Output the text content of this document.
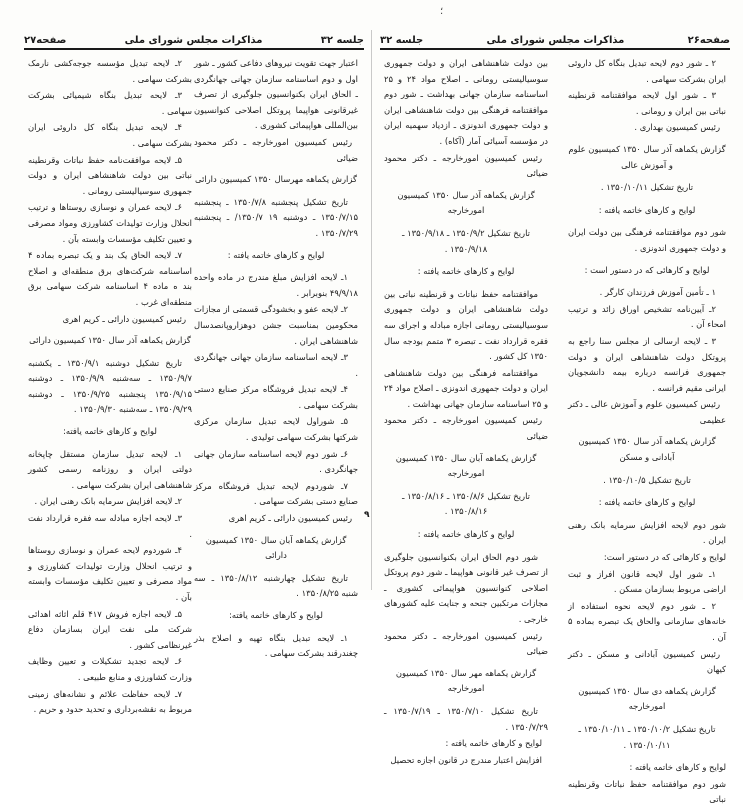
؛
جلسه ۳۲
مذاکرات مجلس شورای ملی
صفحه۲۷

اعتبار جهت تقویت نیروهای دفاعی کشور ـ شور اول و دوم اساسنامه سازمان جهانی جهانگردی ـ الحاق ایران بکنوانسیون جلوگیری از تصرف غیرقانونی هواپیما پروتکل اصلاحی کنوانسیون بین‌المللی هواپیمائی کشوری .

رئیس کمیسیون امورخارجه ـ دکتر محمود ضیائی

گزارش یکماهه مهرسال ۱۳۵۰ کمیسیون دارائی

تاریخ تشکیل پنجشنبه ۱۳۵۰/۷/۸ ـ پنجشنبه ۱۳۵۰/۷/۱۵ ـ دوشنبه ۱۹ ۱۳۵۰/۷/ ـ پنجشنبه ۱۳۵۰/۷/۲۹ .

لوایح و کارهای خاتمه یافته :

۱ـ لایحه افزایش مبلغ مندرج در ماده واحده ۴۹/۹/۱۸ بنوبرابر .

۲ـ لایحه عفو و بخشودگی قسمتی از مجازات محکومین بمناسبت جشن دوهزاروپانصدسال شاهنشاهی ایران .

۳ـ لایحه اساسنامه سازمان جهانی جهانگردی .

۴ـ لایحه تبدیل فروشگاه مرکز صنایع دستی بشرکت سهامی .

۵ـ شوراول لایحه تبدیل سازمان مرکزی شرکتها بشرکت سهامی تولیدی .

۶ـ شور دوم لایحه اساسنامه سازمان جهانی جهانگردی .

۷ـ شوردوم لایحه تبدیل فروشگاه مرکز صنایع دستی بشرکت سهامی .

رئیس کمیسیون دارائی ـ کریم اهری

گزارش یکماهه آبان سال ۱۳۵۰ کمیسیون دارائی

تاریخ تشکیل چهارشنبه ۱۳۵۰/۸/۱۲ ـ سه شنبه ۱۳۵۰/۸/۲۵ .

لوایح و کارهای خاتمه یافته:

۱ـ لایحه تبدیل بنگاه تهیه و اصلاح بذر چغندرقند بشرکت سهامی .

۲ـ لایحه تبدیل مؤسسه جوجه‌کشی نارمک بشرکت سهامی .

۳ـ لایحه تبدیل بنگاه شیمیائی بشرکت سهامی .

۴ـ لایحه تبدیل بنگاه کل داروئی ایران بشرکت سهامی .

۵ـ لایحه موافقت‌نامه حفظ نباتات وقرنطینه نباتی بین دولت شاهنشاهی ایران و دولت جمهوری سوسیالیستی رومانی .

۶ـ لایحه عمران و نوسازی روستاها و ترتیب انحلال وزارت تولیدات کشاورزی ومواد مصرفی و تعیین تکلیف مؤسسات وابسته بآن .

۷ـ لایحه الحاق یک بند و یک تبصره بماده ۴ اساسنامه شرکت‌های برق منطقه‌ای و اصلاح بند ه ماده ۴ اساسنامه شرکت سهامی برق منطقه‌ای غرب .

رئیس کمیسیون دارائی ـ کریم اهری

گزارش یکماهه آذر سال ۱۳۵۰ کمیسیون دارائی

تاریخ تشکیل دوشنبه ۱۳۵۰/۹/۱ ـ یکشنبه ۱۳۵۰/۹/۷ ـ سه‌شنبه ۱۳۵۰/۹/۹ ـ دوشنبه ۱۳۵۰/۹/۱۵ پنجشنبه ۱۳۵۰/۹/۲۵ ـ دوشنبه ۱۳۵۰/۹/۲۹ ـ سه‌شنبه ۱۳۵۰/۹/۳۰ .

لوایح و کارهای خاتمه یافته:

۱ـ لایحه تبدیل سازمان مستقل چاپخانه دولتی ایران و روزنامه رسمی کشور شاهنشاهی ایران بشرکت سهامی .

۲ـ لایحه افزایش سرمایه بانک رهنی ایران .

۳ـ لایحه اجازه مبادله سه فقره قرارداد نفت .

۴ـ شوردوم لایحه عمران و نوسازی روستاها و ترتیب انحلال وزارت تولیدات کشاورزی و مواد مصرفی و تعیین تکلیف مؤسسات وابسته بآن .

۵ـ لایحه اجازه فروش ۴۱۷ قلم اثاثه اهدائی شرکت ملی نفت ایران بسازمان دفاع غیرنظامی کشور .

۶ـ لایحه تجدید تشکیلات و تعیین وظایف وزارت کشاورزی و منابع طبیعی .

۷ـ لایحه حفاظت علائم و نشانه‌های زمینی مربوط به نقشه‌برداری و تحدید حدود و حریم .

صفحه۲۶
مذاکرات مجلس شورای ملی
جلسه ۳۲

۲ ـ شور دوم لایحه تبدیل بنگاه کل داروئی ایران بشرکت سهامی .

۳ ـ شور اول لایحه موافقتنامه قرنطینه نباتی بین ایران و رومانی .

رئیس کمیسیون بهداری .

گزارش یکماهه آذر سال ۱۳۵۰ کمیسیون علوم و آموزش عالی

تاریخ تشکیل ۱۳۵۰/۱۰/۱۱ .

لوایح و کارهای خاتمه یافته :

شور دوم موافقتنامه فرهنگی بین دولت ایران و دولت جمهوری اندونزی .

لوایح و کارهائی که در دستور است :

۱ ـ تأمین آموزش فرزندان کارگر .

۲ـ آیین‌نامه تشخیص اوراق زائد و ترتیب امحاء آن .

۳ ـ لایحه ارسالی از مجلس سنا راجع به پروتکل دولت شاهنشاهی ایران و دولت جمهوری فرانسه درباره بیمه دانشجویان ایرانی مقیم فرانسه .

رئیس کمیسیون علوم و آموزش عالی ـ دکتر عظیمی

گزارش یکماهه آذر سال ۱۳۵۰ کمیسیون آبادانی و مسکن

تاریخ تشکیل ۱۳۵۰/۱۰/۵ .

لوایح و کارهای خاتمه یافته :

شور دوم لایحه افزایش سرمایه بانک رهنی ایران .

لوایح و کارهائی که در دستور است:

۱ـ شور اول لایحه قانون افراز و ثبت اراضی مربوط بسازمان مسکن .

۲ ـ شور دوم لایحه نحوه استفاده از خانه‌های سازمانی والحاق یک تبصره بماده ۵ آن .

رئیس کمیسیون آبادانی و مسکن ـ دکتر کیهان

گزارش یکماهه دی سال ۱۳۵۰ کمیسیون امورخارجه

تاریخ تشکیل ۱۳۵۰/۱۰/۲ ـ ۱۳۵۰/۱۰/۱۱ ـ ۱۳۵۰/۱۰/۱۱ .

لوایح و کارهای خاتمه یافته :

شور دوم موافقتنامه حفظ نباتات وقرنطینه نباتی

بین دولت شاهنشاهی ایران و دولت جمهوری سوسیالیستی رومانی ـ اصلاح مواد ۲۴ و ۲۵ اساسنامه سازمان جهانی بهداشت ـ شور دوم موافقتنامه فرهنگی بین دولت شاهنشاهی ایران و دولت جمهوری اندونزی ـ ازدیاد سهمیه ایران در مؤسسه آسیائی آمار (آکاه) .

رئیس کمیسیون امورخارجه ـ دکتر محمود ضیائی

گزارش یکماهه آذر سال ۱۳۵۰ کمیسیون امورخارجه

تاریخ تشکیل ۱۳۵۰/۹/۲ ـ ۱۳۵۰/۹/۱۸ ـ ۱۳۵۰/۹/۱۸ .

لوایح و کارهای خاتمه یافته :

موافقتنامه حفظ نباتات و قرنطینه نباتی بین دولت شاهنشاهی ایران و دولت جمهوری سوسیالیستی رومانی اجازه مبادله و اجرای سه فقره قرارداد نفت ـ تبصره ۳ متمم بودجه سال ۱۳۵۰ کل کشور .

موافقتنامه فرهنگی بین دولت شاهنشاهی ایران و دولت جمهوری اندونزی ـ اصلاح مواد ۲۴ و ۲۵ اساسنامه سازمان جهانی بهداشت .

رئیس کمیسیون امورخارجه ـ دکتر محمود ضیائی

گزارش یکماهه آبان سال ۱۳۵۰ کمیسیون امورخارجه

تاریخ تشکیل ۱۳۵۰/۸/۶ ـ ۱۳۵۰/۸/۱۶ ـ ۱۳۵۰/۸/۱۶ .

لوایح و کارهای خاتمه یافته :

شور دوم الحاق ایران بکنوانسیون جلوگیری از تصرف غیر قانونی هواپیما ـ شور دوم پروتکل اصلاحی کنوانسیون هواپیمائی کشوری ـ مجازات مرتکبین جنحه و جنایت علیه کشورهای خارجی .

رئیس کمیسیون امورخارجه ـ دکتر محمود ضیائی

گزارش یکماهه مهر سال ۱۳۵۰ کمیسیون امورخارجه

تاریخ تشکیل ۱۳۵۰/۷/۱۰ ـ ۱۳۵۰/۷/۱۹ ـ ۱۳۵۰/۷/۲۹ .

لوایح و کارهای خاتمه یافته :

افزایش اعتبار مندرج در قانون اجازه تحصیل

۹
